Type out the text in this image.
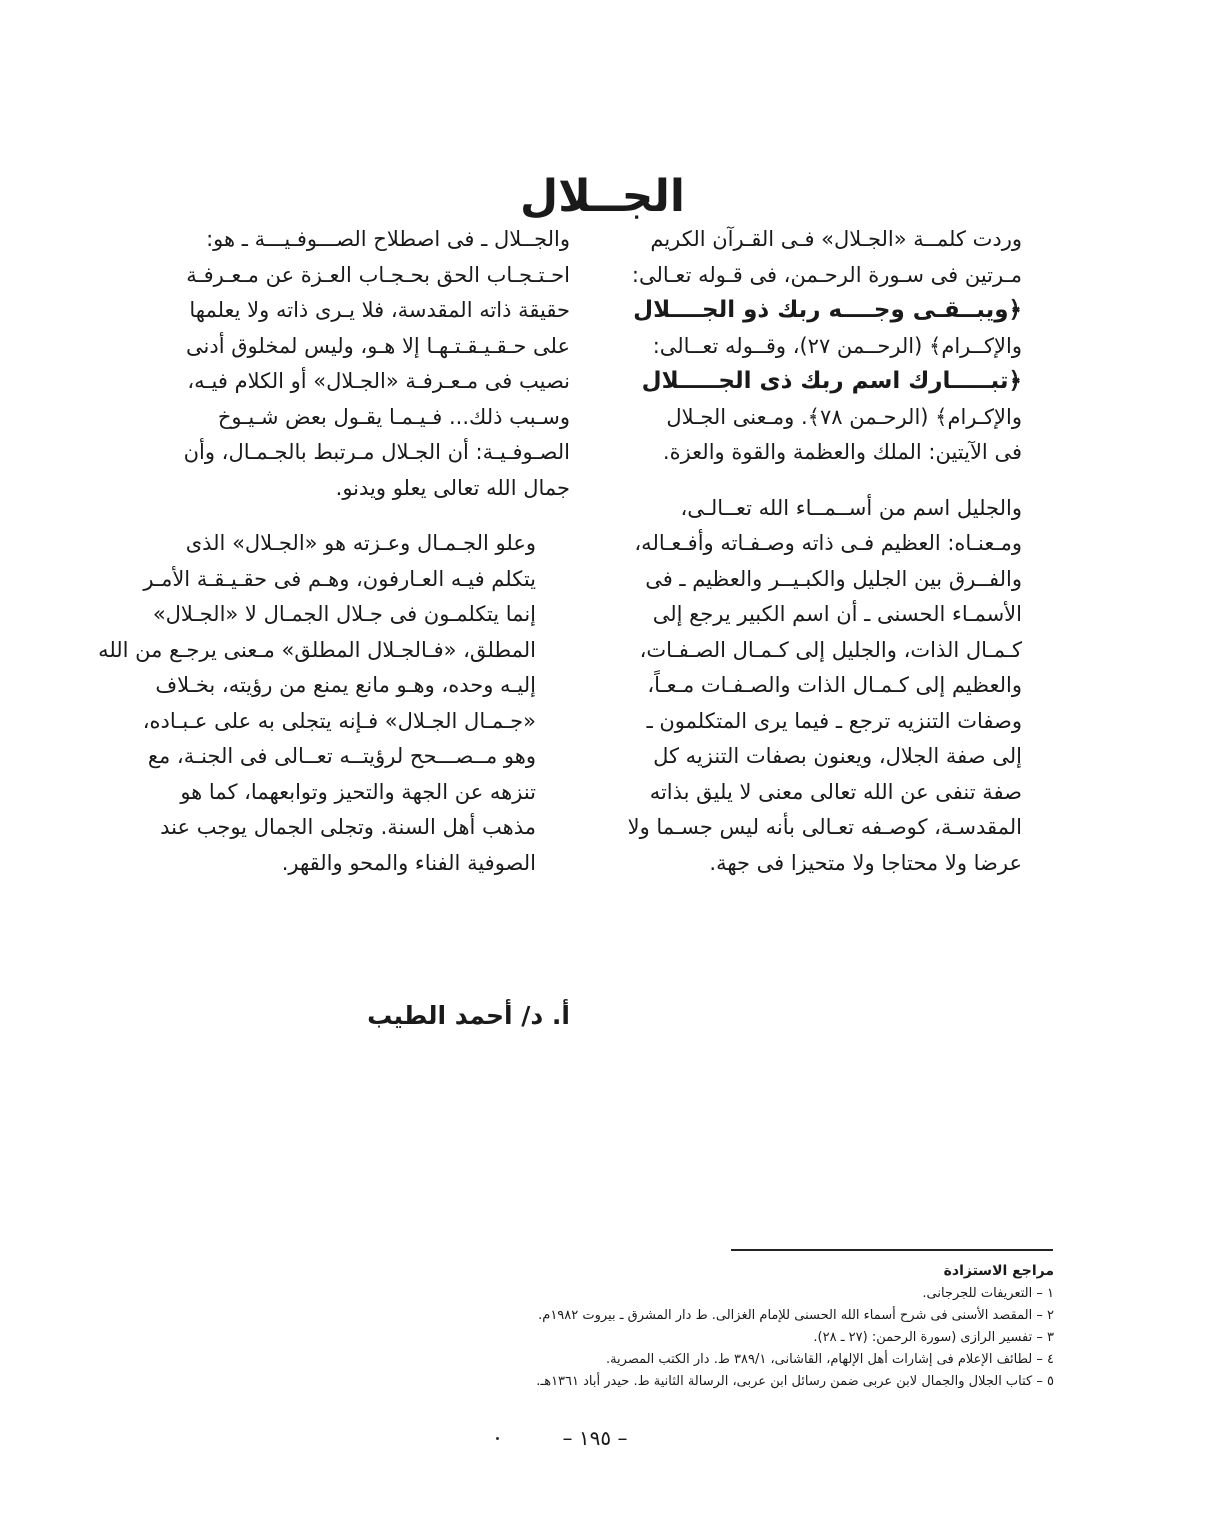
الجــلال

وردت كلمــة «الجـلال» فـى القـرآن الكريم
مـرتين فى سـورة الرحـمن، فى قـوله تعـالى:
﴿ويبــقـى وجــــه ربك ذو الجــــلال
والإكــرام﴾ (الرحــمن ٢٧)، وقــوله تعــالى:
﴿تبـــــارك اسم ربك ذى الجـــــلال
والإكـرام﴾ (الرحـمن ٧٨﴾. ومـعنى الجـلال
فى الآيتين: الملك والعظمة والقوة والعزة.

والجليل اسم من أســمــاء الله تعــالـى،
ومـعنـاه: العظيم فـى ذاته وصـفـاته وأفـعـاله،
والفــرق بين الجليل والكبـيــر والعظيم ـ فى
الأسمـاء الحسنى ـ أن اسم الكبير يرجع إلى
كـمـال الذات، والجليل إلى كـمـال الصـفـات،
والعظيم إلى كـمـال الذات والصـفـات مـعـاً،
وصفات التنزيه ترجع ـ فيما يرى المتكلمون ـ
إلى صفة الجلال، ويعنون بصفات التنزيه كل
صفة تنفى عن الله تعالى معنى لا يليق بذاته
المقدسـة، كوصـفه تعـالى بأنه ليس جسـما ولا
عرضا ولا محتاجا ولا متحيزا فى جهة.

والجــلال ـ فى اصطلاح الصـــوفـيـــة ـ هو:
احـتـجـاب الحق بحـجـاب العـزة عن مـعـرفـة
حقيقة ذاته المقدسة، فلا يـرى ذاته ولا يعلمها
على حـقـيـقـتـهـا إلا هـو، وليس لمخلوق أدنى
نصيب فى مـعـرفـة «الجـلال» أو الكلام فيـه،
وسـبب ذلك... فـيـمـا يقـول بعض شـيـوخ
الصـوفـيـة: أن الجـلال مـرتبط بالجـمـال، وأن
جمال الله تعالى يعلو ويدنو.

وعلو الجـمـال وعـزته هو «الجـلال» الذى
يتكلم فيـه العـارفون، وهـم فى حقـيـقـة الأمـر
إنما يتكلمـون فى جـلال الجمـال لا «الجـلال»
المطلق، «فـالجـلال المطلق» مـعنى يرجـع من الله
إليـه وحده، وهـو مانع يمنع من رؤيته، بخـلاف
«جـمـال الجـلال» فـإنه يتجلى به على عـبـاده،
وهو مــصـــحح لرؤيتــه تعــالى فى الجنـة، مع
تنزهه عن الجهة والتحيز وتوابعهما، كما هو
مذهب أهل السنة. وتجلى الجمال يوجب عند
الصوفية الفناء والمحو والقهر.

أ. د/ أحمد الطيب
مراجع الاستزادة
١ – التعريفات للجرجانى.
٢ – المقصد الأسنى فى شرح أسماء الله الحسنى للإمام الغزالى. ط دار المشرق ـ بيروت ١٩٨٢م.
٣ – تفسير الرازى (سورة الرحمن: (٢٧ ـ ٢٨).
٤ – لطائف الإعلام فى إشارات أهل الإلهام، القاشانى، ٣٨٩/١ ط. دار الكتب المصرية.
٥ – كتاب الجلال والجمال لابن عربى ضمن رسائل ابن عربى، الرسالة الثانية ط. حيدر أباد ١٣٦١هـ.
– ١٩٥ –
